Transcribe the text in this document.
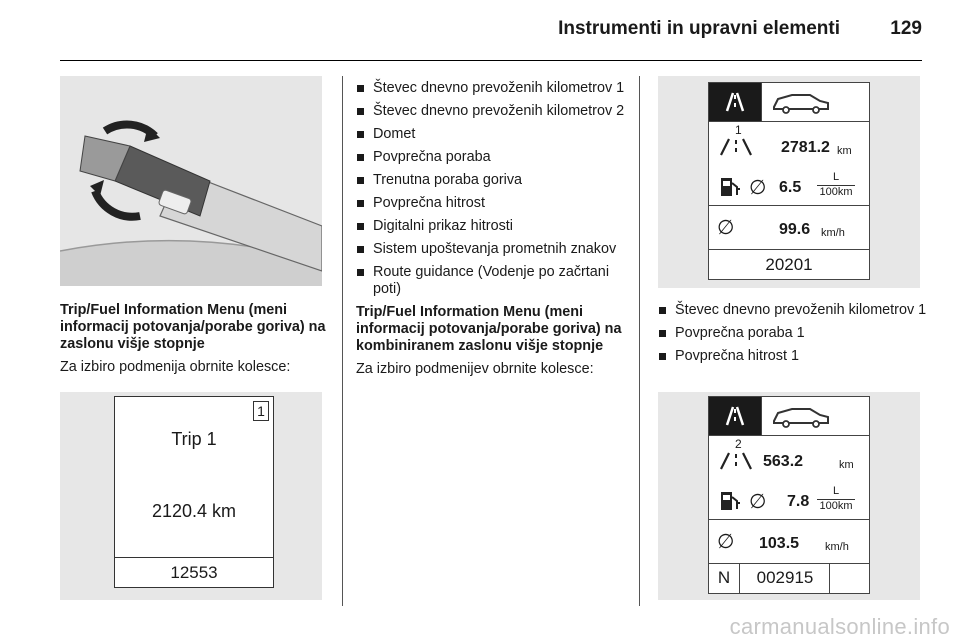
Instrumenti in upravni elementi	129

Trip/Fuel Information Menu (meni informacij potovanja/porabe goriva) na zaslonu višje stopnje

Za izbiro podmenija obrnite kolesce:

1
Trip 1
2120.4 km
12553
Števec dnevno prevoženih kilometrov 1
Števec dnevno prevoženih kilometrov 2
Domet
Povprečna poraba
Trenutna poraba goriva
Povprečna hitrost
Digitalni prikaz hitrosti
Sistem upoštevanja prometnih znakov
Route guidance (Vodenje po začrtani poti)

Trip/Fuel Information Menu (meni informacij potovanja/porabe goriva) na kombiniranem zaslonu višje stopnje

Za izbiro podmenijev obrnite kolesce:

1
2781.2 km
∅ 6.5
L
100km
∅	99.6 km/h
20201
Števec dnevno prevoženih kilometrov 1
Povprečna poraba 1
Povprečna hitrost 1
2
563.2	km
∅ 7.8
L
100km
∅ 103.5 km/h
N	002915
carmanualsonline.info
